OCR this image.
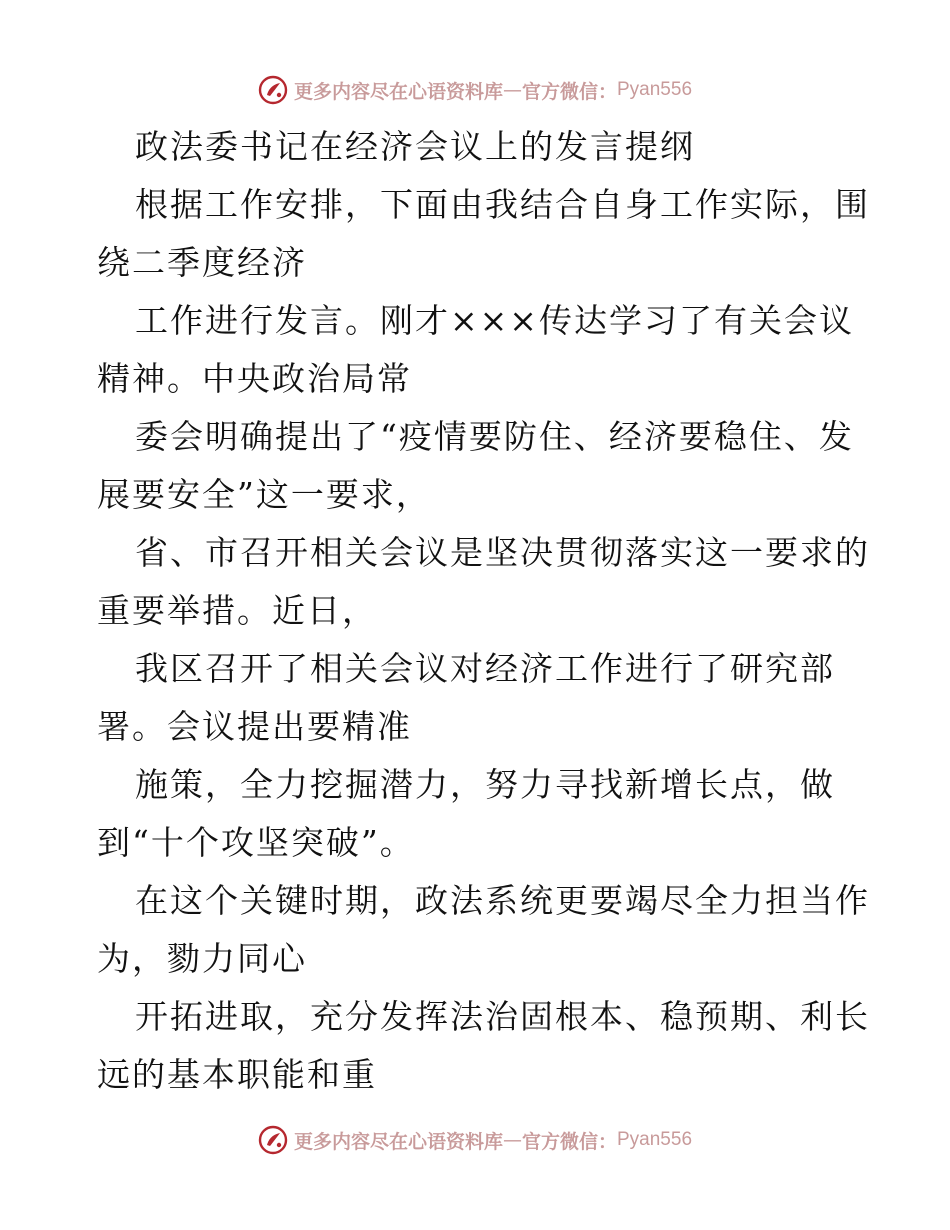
更多内容尽在心语资料库 — 官方微信： Pyan556
政法委书记在经济会议上的发言提纲
根据工作安排，下面由我结合自身工作实际，围
绕二季度经济
工作进行发言。刚才×××传达学习了有关会议
精神。中央政治局常
委会明确提出了“疫情要防住、经济要稳住、发
展要安全”这一要求，
省、市召开相关会议是坚决贯彻落实这一要求的
重要举措。近日，
我区召开了相关会议对经济工作进行了研究部
署。会议提出要精准
施策，全力挖掘潜力，努力寻找新增长点，做
到“十个攻坚突破”。
在这个关键时期，政法系统更要竭尽全力担当作
为，勠力同心
开拓进取，充分发挥法治固根本、稳预期、利长
远的基本职能和重
更多内容尽在心语资料库 — 官方微信： Pyan556
